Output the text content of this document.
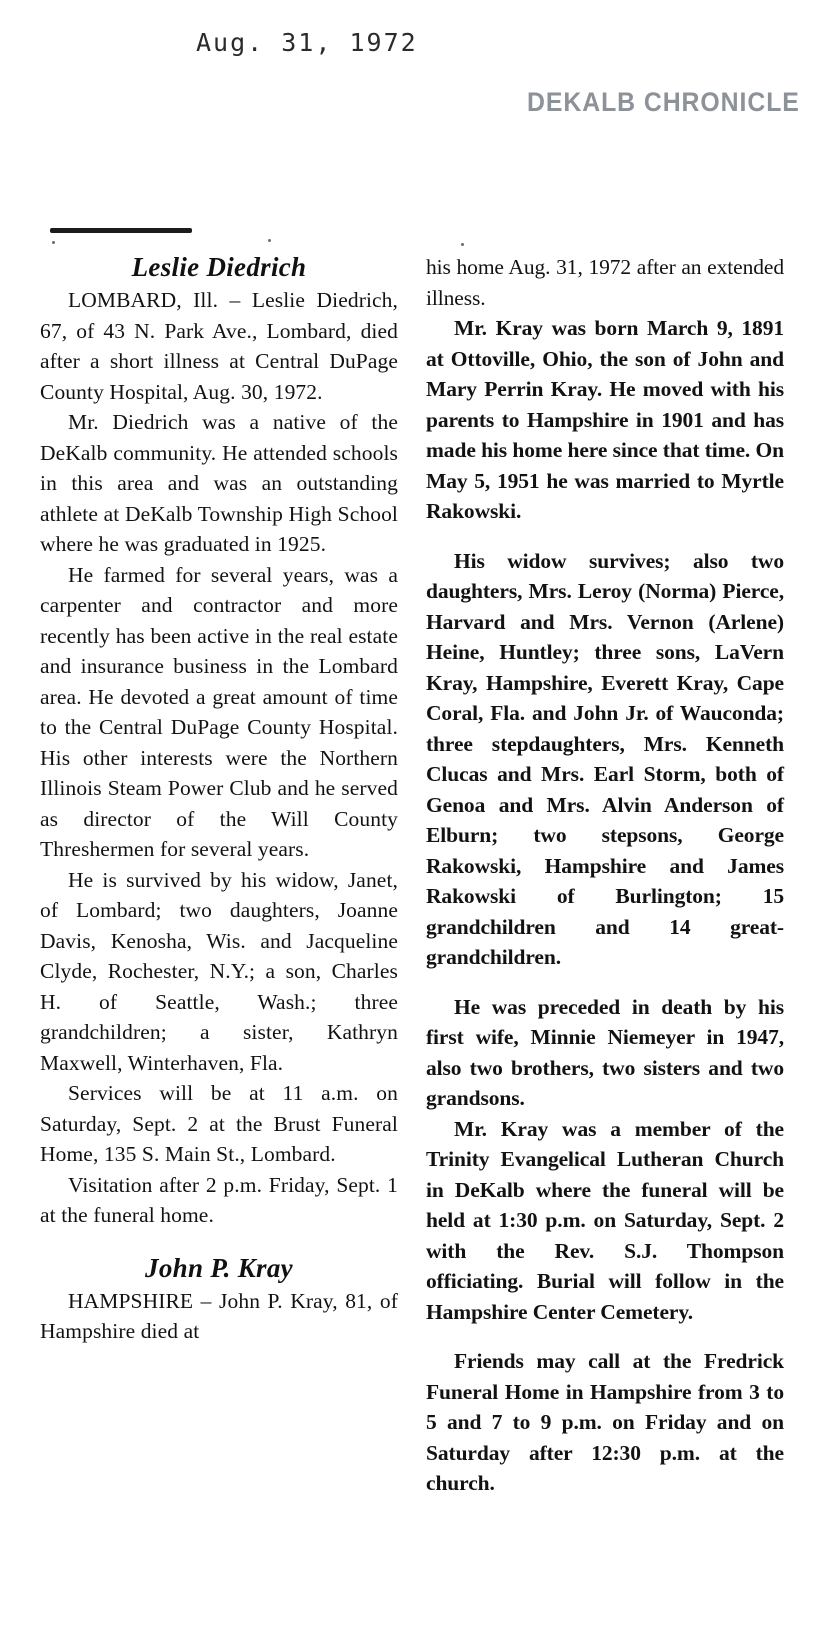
Aug. 31, 1972
DEKALB CHRONICLE
Leslie Diedrich

LOMBARD, Ill. – Leslie Diedrich, 67, of 43 N. Park Ave., Lombard, died after a short illness at Central DuPage County Hospital, Aug. 30, 1972.

Mr. Diedrich was a native of the DeKalb community. He attended schools in this area and was an outstanding athlete at DeKalb Township High School where he was graduated in 1925.

He farmed for several years, was a carpenter and contractor and more recently has been active in the real estate and insurance business in the Lombard area. He devoted a great amount of time to the Central DuPage County Hospital. His other interests were the Northern Illinois Steam Power Club and he served as director of the Will County Threshermen for several years.

He is survived by his widow, Janet, of Lombard; two daughters, Joanne Davis, Kenosha, Wis. and Jacqueline Clyde, Rochester, N.Y.; a son, Charles H. of Seattle, Wash.; three grandchildren; a sister, Kathryn Maxwell, Winterhaven, Fla.

Services will be at 11 a.m. on Saturday, Sept. 2 at the Brust Funeral Home, 135 S. Main St., Lombard.

Visitation after 2 p.m. Friday, Sept. 1 at the funeral home.

John P. Kray

HAMPSHIRE – John P. Kray, 81, of Hampshire died at

his home Aug. 31, 1972 after an extended illness.

Mr. Kray was born March 9, 1891 at Ottoville, Ohio, the son of John and Mary Perrin Kray. He moved with his parents to Hampshire in 1901 and has made his home here since that time. On May 5, 1951 he was married to Myrtle Rakowski.

His widow survives; also two daughters, Mrs. Leroy (Norma) Pierce, Harvard and Mrs. Vernon (Arlene) Heine, Huntley; three sons, LaVern Kray, Hampshire, Everett Kray, Cape Coral, Fla. and John Jr. of Wauconda; three stepdaughters, Mrs. Kenneth Clucas and Mrs. Earl Storm, both of Genoa and Mrs. Alvin Anderson of Elburn; two stepsons, George Rakowski, Hampshire and James Rakowski of Burlington; 15 grandchildren and 14 great-grandchildren.

He was preceded in death by his first wife, Minnie Niemeyer in 1947, also two brothers, two sisters and two grandsons.

Mr. Kray was a member of the Trinity Evangelical Lutheran Church in DeKalb where the funeral will be held at 1:30 p.m. on Saturday, Sept. 2 with the Rev. S.J. Thompson officiating. Burial will follow in the Hampshire Center Cemetery.

Friends may call at the Fredrick Funeral Home in Hampshire from 3 to 5 and 7 to 9 p.m. on Friday and on Saturday after 12:30 p.m. at the church.
